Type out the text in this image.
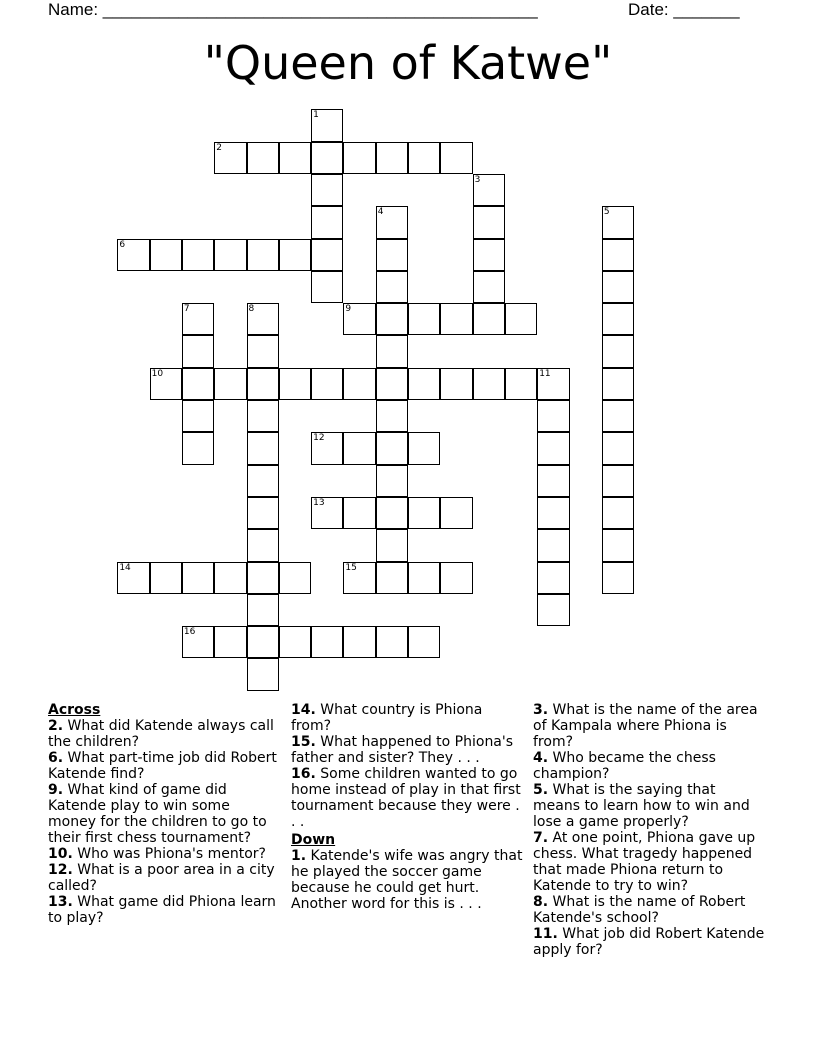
Name: ______________________________________________	Date: _______
"Queen of Katwe"
1
2
3
4	5
6
7	8	9
10	11
12
13
14	15
16
Across
2. What did Katende always call the children?
6. What part-time job did Robert Katende find?
9. What kind of game did Katende play to win some money for the children to go to their first chess tournament?
10. Who was Phiona's mentor?
12. What is a poor area in a city called?
13. What game did Phiona learn to play?
14. What country is Phiona from?
15. What happened to Phiona's father and sister? They . . .
16. Some children wanted to go home instead of play in that first tournament because they were . . .
Down
1. Katende's wife was angry that he played the soccer game because he could get hurt. Another word for this is . . .
3. What is the name of the area of Kampala where Phiona is from?
4. Who became the chess champion?
5. What is the saying that means to learn how to win and lose a game properly?
7. At one point, Phiona gave up chess. What tragedy happened that made Phiona return to Katende to try to win?
8. What is the name of Robert Katende's school?
11. What job did Robert Katende apply for?
